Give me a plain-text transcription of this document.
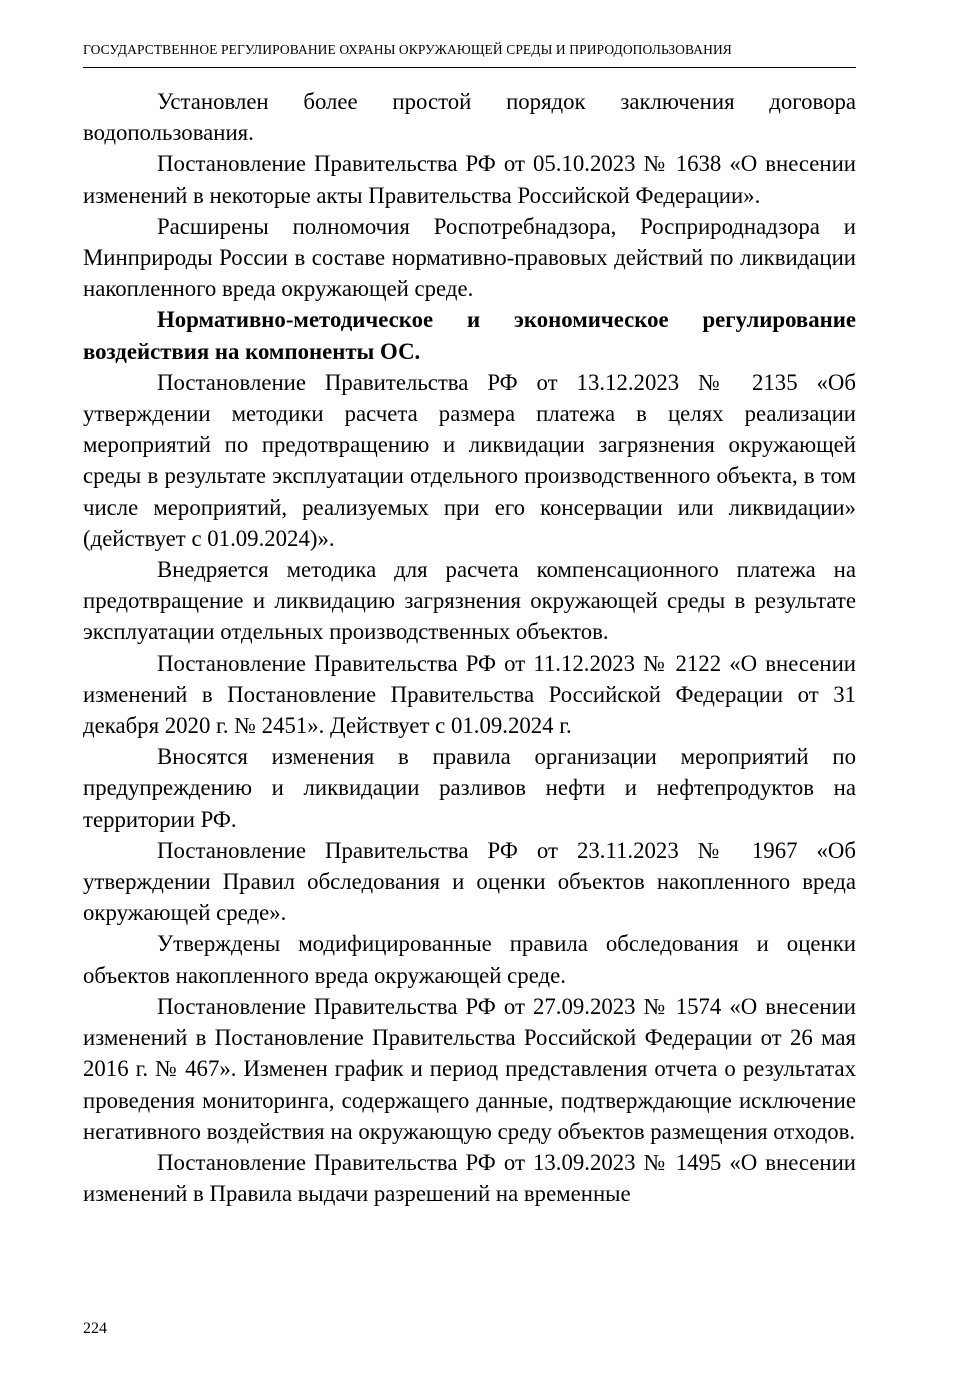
ГОСУДАРСТВЕННОЕ РЕГУЛИРОВАНИЕ ОХРАНЫ ОКРУЖАЮЩЕЙ СРЕДЫ И ПРИРОДОПОЛЬЗОВАНИЯ

Установлен более простой порядок заключения договора водопользования.

Постановление Правительства РФ от 05.10.2023 № 1638 «О внесении изменений в некоторые акты Правительства Российской Федерации».

Расширены полномочия Роспотребнадзора, Росприроднадзора и Минприроды России в составе нормативно-правовых действий по ликвидации накопленного вреда окружающей среде.

Нормативно-методическое и экономическое регулирование воздействия на компоненты ОС.

Постановление Правительства РФ от 13.12.2023 № 2135 «Об утверждении методики расчета размера платежа в целях реализации мероприятий по предотвращению и ликвидации загрязнения окружающей среды в результате эксплуатации отдельного производственного объекта, в том числе мероприятий, реализуемых при его консервации или ликвидации» (действует с 01.09.2024)».

Внедряется методика для расчета компенсационного платежа на предотвращение и ликвидацию загрязнения окружающей среды в результате эксплуатации отдельных производственных объектов.

Постановление Правительства РФ от 11.12.2023 № 2122 «О внесении изменений в Постановление Правительства Российской Федерации от 31 декабря 2020 г. № 2451». Действует с 01.09.2024 г.

Вносятся изменения в правила организации мероприятий по предупреждению и ликвидации разливов нефти и нефтепродуктов на территории РФ.

Постановление Правительства РФ от 23.11.2023 № 1967 «Об утверждении Правил обследования и оценки объектов накопленного вреда окружающей среде».

Утверждены модифицированные правила обследования и оценки объектов накопленного вреда окружающей среде.

Постановление Правительства РФ от 27.09.2023 № 1574 «О внесении изменений в Постановление Правительства Российской Федерации от 26 мая 2016 г. № 467». Изменен график и период представления отчета о результатах проведения мониторинга, содержащего данные, подтверждающие исключение негативного воздействия на окружающую среду объектов размещения отходов.

Постановление Правительства РФ от 13.09.2023 № 1495 «О внесении изменений в Правила выдачи разрешений на временные

224
